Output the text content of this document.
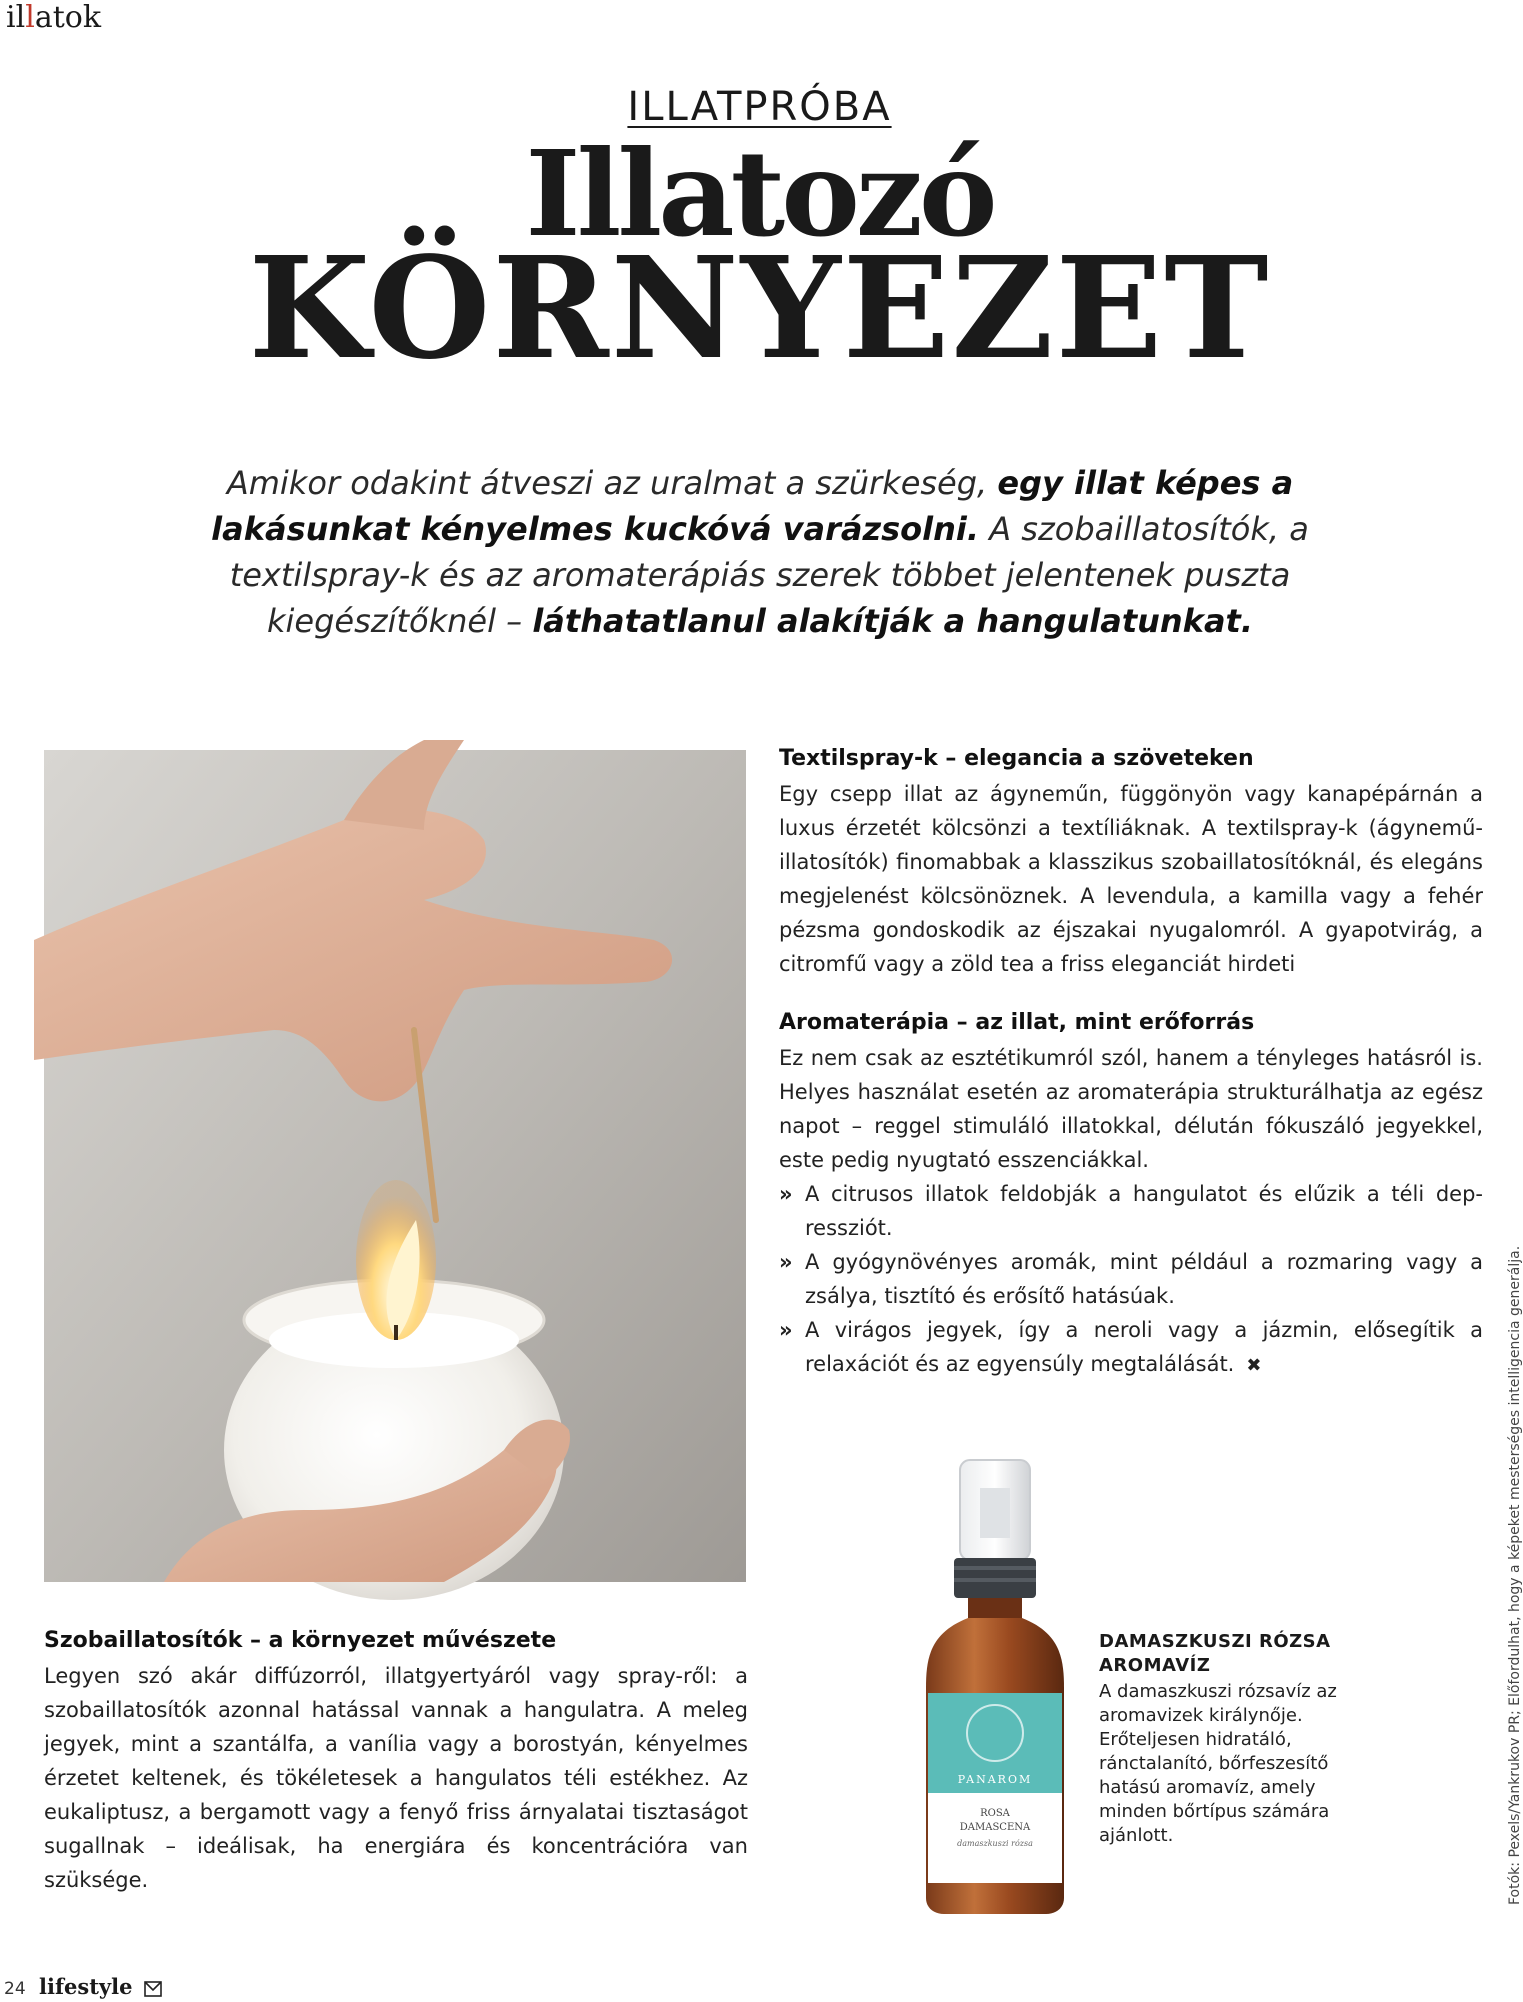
illatok
ILLATPRÓBA
Illatozó
KÖRNYEZET
Amikor odakint átveszi az uralmat a szürkeség, egy illat képes a lakásunkat kényelmes kuckóvá varázsolni. A szobaillatosítók, a textilspray-k és az aromaterápiás szerek többet jelentenek puszta kiegészítőknél – láthatatlanul alakítják a hangulatunkat.
Textilspray-k – elegancia a szöveteken

Egy csepp illat az ágyneműn, függönyön vagy kanapépárnán a luxus érzetét kölcsönzi a textíliáknak. A textilspray-k (ágynemű-illatosítók) finomabbak a klasszikus szobaillatosítóknál, és elegáns megjelenést kölcsönöznek. A levendula, a kamilla vagy a fehér pézsma gondoskodik az éjszakai nyugalomról. A gyapotvirág, a citromfű vagy a zöld tea a friss eleganciát hirdeti

Aromaterápia – az illat, mint erőforrás

Ez nem csak az esztétikumról szól, hanem a tényleges hatásról is. Helyes használat esetén az aromaterápia strukturálhatja az egész napot – reggel stimuláló illatokkal, délután fókuszáló jegyekkel, este pedig nyugtató esszenciákkal.

» A citrusos illatok feldobják a hangulatot és elűzik a téli depressziót.
» A gyógynövényes aromák, mint például a rozmaring vagy a zsálya, tisztító és erősítő hatásúak.
» A virágos jegyek, így a neroli vagy a jázmin, elősegítik a relaxációt és az egyensúly megtalálását. ✖
Szobaillatosítók – a környezet művészete

Legyen szó akár diffúzorról, illatgyertyáról vagy spray-ről: a szobaillatosítók azonnal hatással vannak a hangulatra. A meleg jegyek, mint a szantálfa, a vanília vagy a borostyán, kényelmes érzetet keltenek, és tökéletesek a hangulatos téli estékhez. Az eukaliptusz, a bergamott vagy a fenyő friss árnyalatai tisztaságot sugallnak – ideálisak, ha energiára és koncentrációra van szüksége.

PANAROM
ROSA
DAMASCENA
damaszkuszi rózsa

DAMASZKUSZI RÓZSA AROMAVÍZ

A damaszkuszi rózsavíz az aromavizek királynője. Erőteljesen hidratáló, ránctalanító, bőrfeszesítő hatású aromavíz, amely minden bőrtípus számára ajánlott.	Fotók: Pexels/Yankrukov PR; Előfordulhat, hogy a képeket mesterséges intelligencia generálja.
24 lifestyle
